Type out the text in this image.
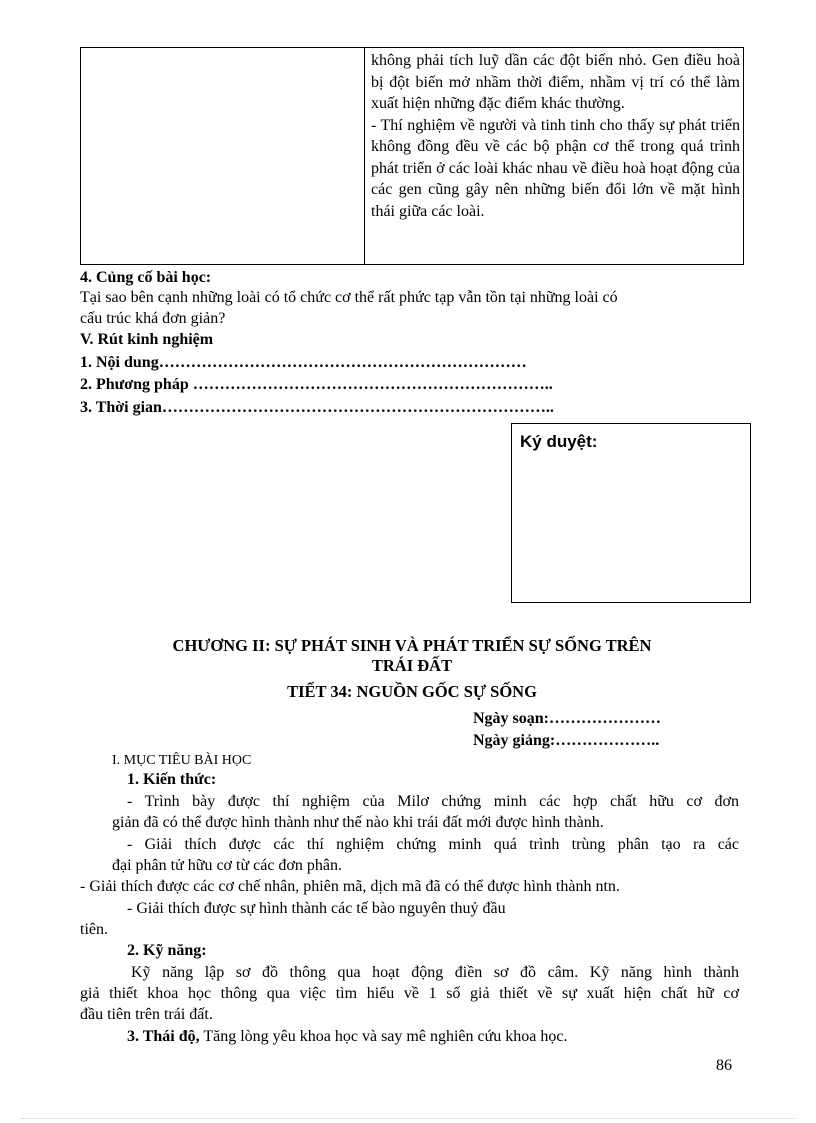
không phải tích luỹ dần các đột biến nhỏ. Gen điều hoà bị đột biến mở nhầm thời điểm, nhầm vị trí có thể làm xuất hiện những đặc điểm khác thường.

- Thí nghiệm về người và tinh tinh cho thấy sự phát triển không đồng đều về các bộ phận cơ thể trong quá trình phát triển ở các loài khác nhau về điều hoà hoạt động của các gen cũng gây nên những biến đổi lớn về mặt hình thái giữa các loài.

4. Củng cố bài học:
Tại sao bên cạnh những loài có tổ chức cơ thể rất phức tạp vẫn tồn tại những loài có
cấu trúc khá đơn giản?
V. Rút kinh nghiệm
1. Nội dung……………………………………………………………
2. Phương pháp …………………………………………………………..
3. Thời gian………………………………………………………………..
Ký duyệt:
CHƯƠNG II: SỰ PHÁT SINH VÀ PHÁT TRIỂN SỰ SỐNG TRÊN
TRÁI ĐẤT
TIẾT 34: NGUỒN GỐC SỰ SỐNG
Ngày soạn:…………………
Ngày giảng:………………..
I. MỤC TIÊU BÀI HỌC
1. Kiến thức:
- Trình bày được thí nghiệm của Milơ chứng minh các hợp chất hữu cơ đơn
giản đã có thể được hình thành như thế nào khi trái đất mới được hình thành.
- Giải thích được các thí nghiệm chứng minh quá trình trùng phân tạo ra các
đại phân tử hữu cơ từ các đơn phân.
- Giải thích được các cơ chế nhân, phiên mã, dịch mã đã có thể được hình thành ntn.
- Giải thích được sự hình thành các tế bào nguyên thuỷ đầu
tiên.
2. Kỹ năng:
Kỹ năng lập sơ đồ thông qua hoạt động điền sơ đồ câm. Kỹ năng hình thành
giả thiết khoa học thông qua việc tìm hiểu về 1 số giả thiết về sự xuất hiện chất hữ cơ
đầu tiên trên trái đất.
3. Thái độ, Tăng lòng yêu khoa học và say mê nghiên cứu khoa học.
86
